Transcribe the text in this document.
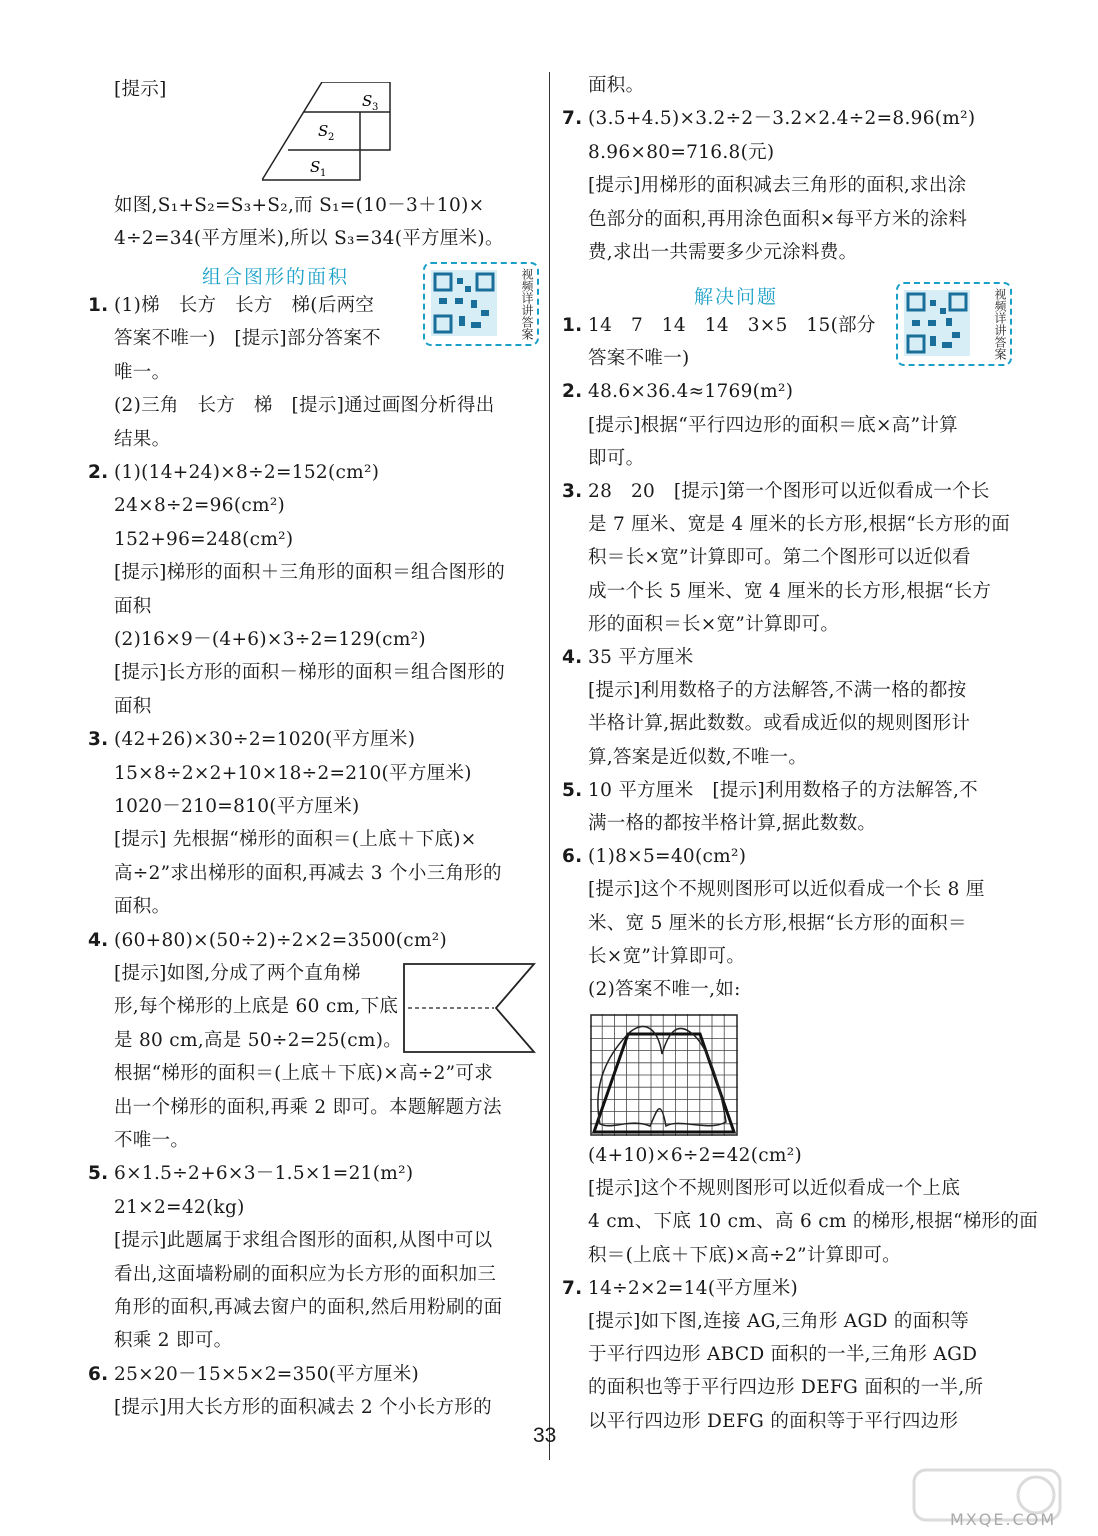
[提示]
S 3
S 2
S 1
如图,S₁+S₂=S₃+S₂,而 S₁=(10－3＋10)×
4÷2=34(平方厘米),所以 S₃=34(平方厘米)。
组合图形的面积	视频详讲答案
1. (1)梯　长方　长方　梯(后两空
答案不唯一)　[提示]部分答案不
唯一。
(2)三角　长方　梯　[提示]通过画图分析得出
结果。
2. (1)(14+24)×8÷2=152(cm²)
24×8÷2=96(cm²)
152+96=248(cm²)
[提示]梯形的面积＋三角形的面积＝组合图形的
面积
(2)16×9－(4+6)×3÷2=129(cm²)
[提示]长方形的面积－梯形的面积＝组合图形的
面积
3. (42+26)×30÷2=1020(平方厘米)
15×8÷2×2+10×18÷2=210(平方厘米)
1020－210=810(平方厘米)
[提示] 先根据“梯形的面积＝(上底＋下底)×
高÷2”求出梯形的面积,再减去 3 个小三角形的
面积。
4. (60+80)×(50÷2)÷2×2=3500(cm²)
[提示]如图,分成了两个直角梯
形,每个梯形的上底是 60 cm,下底
是 80 cm,高是 50÷2=25(cm)。
根据“梯形的面积＝(上底＋下底)×高÷2”可求
出一个梯形的面积,再乘 2 即可。本题解题方法
不唯一。
5. 6×1.5÷2+6×3－1.5×1=21(m²)
21×2=42(kg)
[提示]此题属于求组合图形的面积,从图中可以
看出,这面墙粉刷的面积应为长方形的面积加三
角形的面积,再减去窗户的面积,然后用粉刷的面
积乘 2 即可。
6. 25×20－15×5×2=350(平方厘米)
[提示]用大长方形的面积减去 2 个小长方形的
面积。
7. (3.5+4.5)×3.2÷2－3.2×2.4÷2=8.96(m²)
8.96×80=716.8(元)
[提示]用梯形的面积减去三角形的面积,求出涂
色部分的面积,再用涂色面积×每平方米的涂料
费,求出一共需要多少元涂料费。
解决问题	视频详讲答案
1. 14　7　14　14　3×5　15(部分
答案不唯一)
2. 48.6×36.4≈1769(m²)
[提示]根据“平行四边形的面积＝底×高”计算
即可。
3. 28　20　[提示]第一个图形可以近似看成一个长
是 7 厘米、宽是 4 厘米的长方形,根据“长方形的面
积＝长×宽”计算即可。第二个图形可以近似看
成一个长 5 厘米、宽 4 厘米的长方形,根据“长方
形的面积＝长×宽”计算即可。
4. 35 平方厘米
[提示]利用数格子的方法解答,不满一格的都按
半格计算,据此数数。或看成近似的规则图形计
算,答案是近似数,不唯一。
5. 10 平方厘米　[提示]利用数格子的方法解答,不
满一格的都按半格计算,据此数数。
6. (1)8×5=40(cm²)
[提示]这个不规则图形可以近似看成一个长 8 厘
米、宽 5 厘米的长方形,根据“长方形的面积＝
长×宽”计算即可。
(2)答案不唯一,如:
(4+10)×6÷2=42(cm²)
[提示]这个不规则图形可以近似看成一个上底
4 cm、下底 10 cm、高 6 cm 的梯形,根据“梯形的面
积＝(上底＋下底)×高÷2”计算即可。
7. 14÷2×2=14(平方厘米)
[提示]如下图,连接 AG,三角形 AGD 的面积等
于平行四边形 ABCD 面积的一半,三角形 AGD
的面积也等于平行四边形 DEFG 面积的一半,所
以平行四边形 DEFG 的面积等于平行四边形
33
MXQE.COM
